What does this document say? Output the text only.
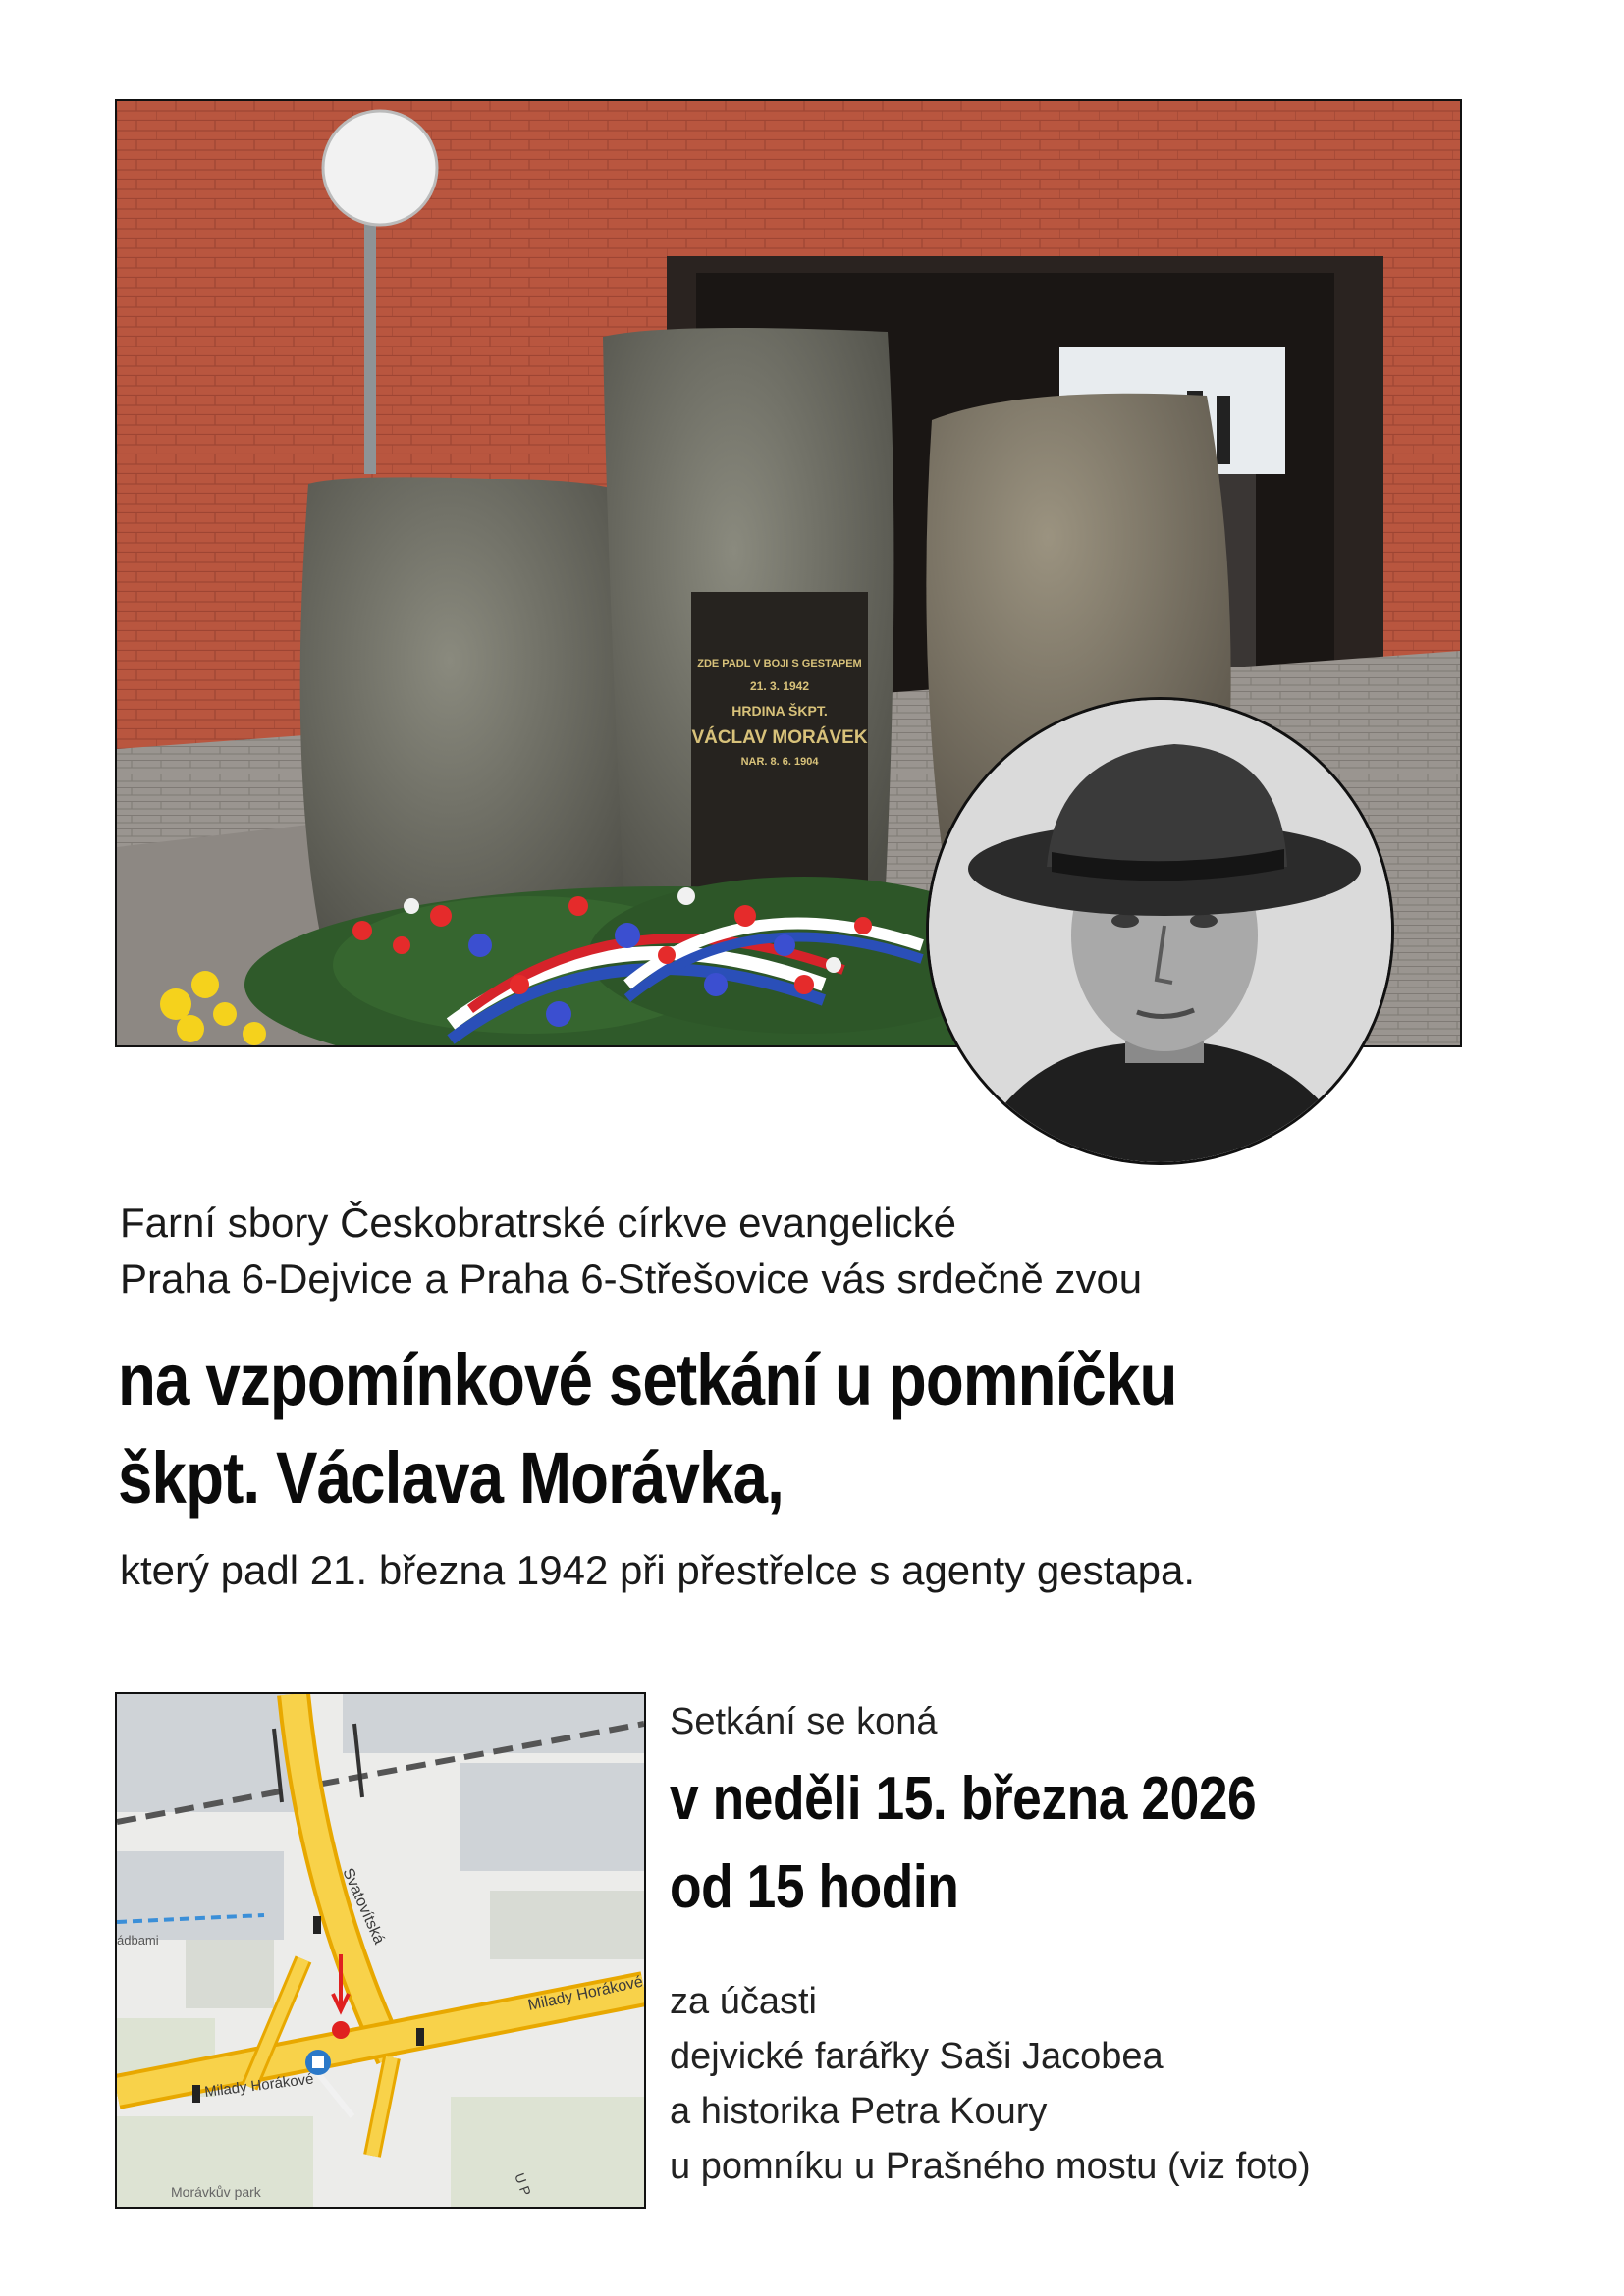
ZDE PADL V BOJI S GESTAPEM
21. 3. 1942
HRDINA ŠKPT.
VÁCLAV MORÁVEK
NAR. 8. 6. 1904
Farní sbory Českobratrské církve evangelické
Praha 6-Dejvice a Praha 6-Střešovice vás srdečně zvou
na vzpomínkové setkání u pomníčku
škpt. Václava Morávka,
který padl 21. března 1942 při přestřelce s agenty gestapa.
Svatovítská
Milady Horákové
Milady Horákové
Morávkův park
ádbami
U P
Setkání se koná
v neděli 15. března 2026
od 15 hodin
za účasti
dejvické farářky Saši Jacobea
a historika Petra Koury
u pomníku u Prašného mostu (viz foto)
